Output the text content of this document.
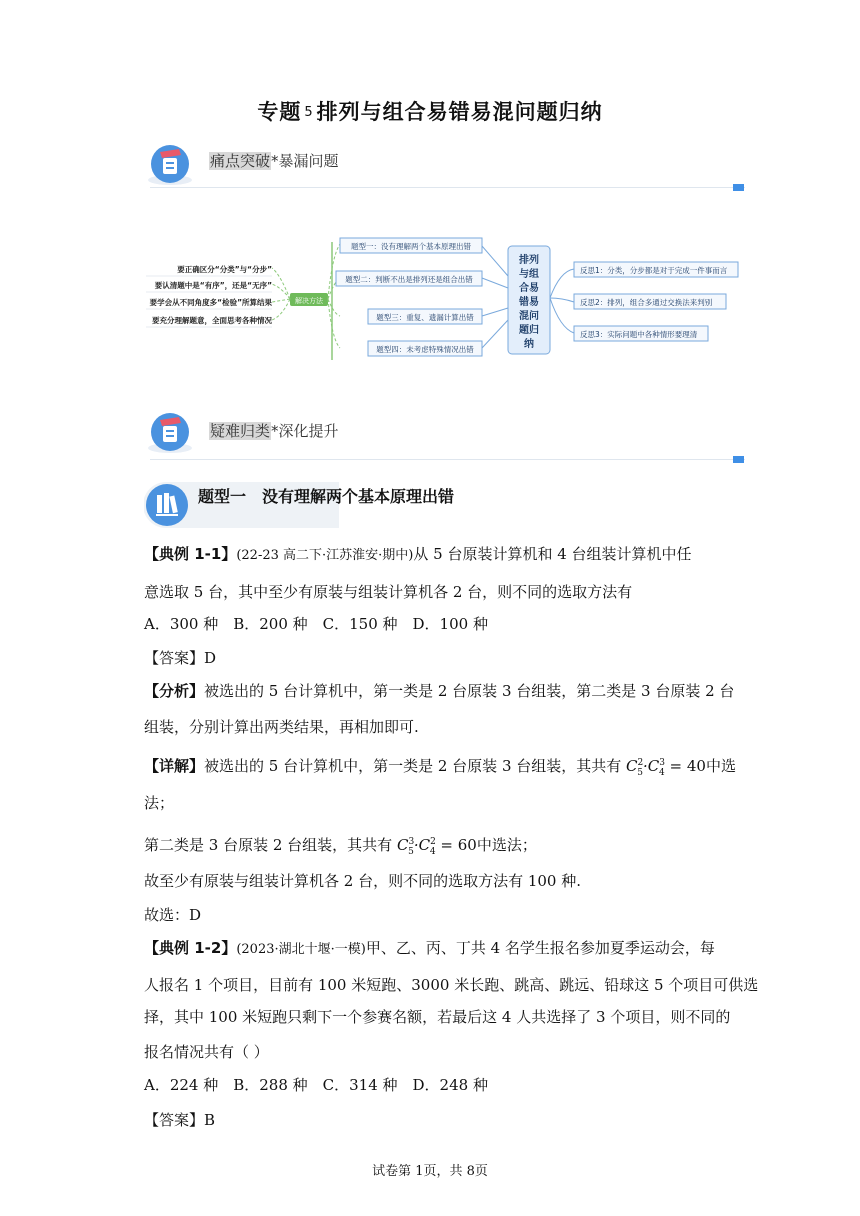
专题 5 排列与组合易错易混问题归纳
痛点突破*暴漏问题
解决方法
要正确区分“分类”与“分步”
要认清题中是“有序”，还是“无序”
要学会从不同角度多“检验”所算结果
要充分理解题意，全面思考各种情况
题型一：没有理解两个基本原理出错
题型二：判断不出是排列还是组合出错
题型三：重复、遗漏计算出错
题型四：未考虑特殊情况出错
排列
与组
合易
错易
混问
题归
纳
反思1：分类，分步都是对于完成一件事而言
反思2：排列，组合多通过交换法来判别
反思3：实际问题中各种情形要理清
疑难归类*深化提升
题型一 没有理解两个基本原理出错
【典例 1-1】(22-23 高二下·江苏淮安·期中)从 5 台原装计算机和 4 台组装计算机中任
意选取 5 台，其中至少有原装与组装计算机各 2 台，则不同的选取方法有
A．300 种　B．200 种　C．150 种　D．100 种
【答案】D
【分析】被选出的 5 台计算机中，第一类是 2 台原装 3 台组装，第二类是 3 台原装 2 台
组装，分别计算出两类结果，再相加即可.
【详解】被选出的 5 台计算机中，第一类是 2 台原装 3 台组装，其共有 $C^2_5\cdot C^3_4 = 40$中选
法；
第二类是 3 台原装 2 台组装，其共有 $C^3_5\cdot C^2_4 = 60$中选法；
故至少有原装与组装计算机各 2 台，则不同的选取方法有 100 种.
故选：D
【典例 1-2】(2023·湖北十堰·一模)甲、乙、丙、丁共 4 名学生报名参加夏季运动会，每
人报名 1 个项目，目前有 100 米短跑、3000 米长跑、跳高、跳远、铅球这 5 个项目可供选
择，其中 100 米短跑只剩下一个参赛名额，若最后这 4 人共选择了 3 个项目，则不同的
报名情况共有（ ）
A．224 种　B．288 种　C．314 种　D．248 种
【答案】B
试卷第 1页，共 8页
